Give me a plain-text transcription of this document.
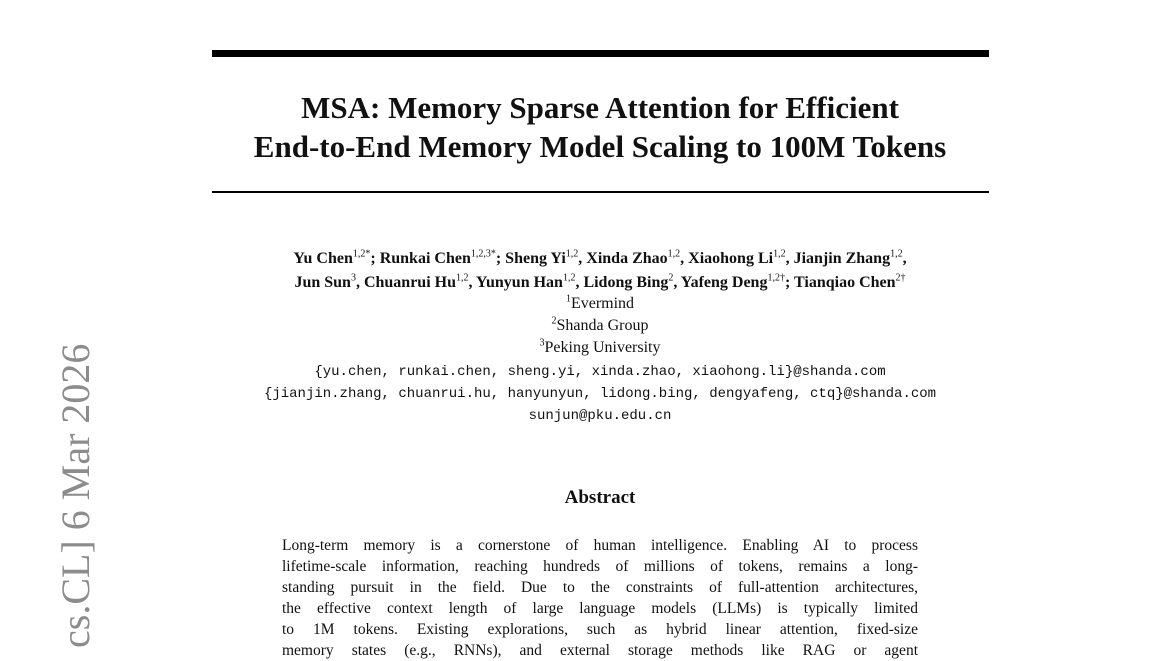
cs.CL] 6 Mar 2026
MSA: Memory Sparse Attention for Efficient
End-to-End Memory Model Scaling to 100M Tokens
Yu Chen$^{1,2*}$; Runkai Chen$^{1,2,3*}$; Sheng Yi$^{1,2}$, Xinda Zhao$^{1,2}$, Xiaohong Li$^{1,2}$, Jianjin Zhang$^{1,2}$,
Jun Sun$^3$, Chuanrui Hu$^{1,2}$, Yunyun Han$^{1,2}$, Lidong Bing$^2$, Yafeng Deng$^{1,2\dagger}$; Tianqiao Chen$^{2\dagger}$
$^1$Evermind
$^2$Shanda Group
$^3$Peking University
{yu.chen, runkai.chen, sheng.yi, xinda.zhao, xiaohong.li}@shanda.com
{jianjin.zhang, chuanrui.hu, hanyunyun, lidong.bing, dengyafeng, ctq}@shanda.com
sunjun@pku.edu.cn
Abstract
Long-term memory is a cornerstone of human intelligence. Enabling AI to process
lifetime-scale information, reaching hundreds of millions of tokens, remains a long-
standing pursuit in the field. Due to the constraints of full-attention architectures,
the effective context length of large language models (LLMs) is typically limited
to 1M tokens. Existing explorations, such as hybrid linear attention, fixed-size
memory states (e.g., RNNs), and external storage methods like RAG or agent
